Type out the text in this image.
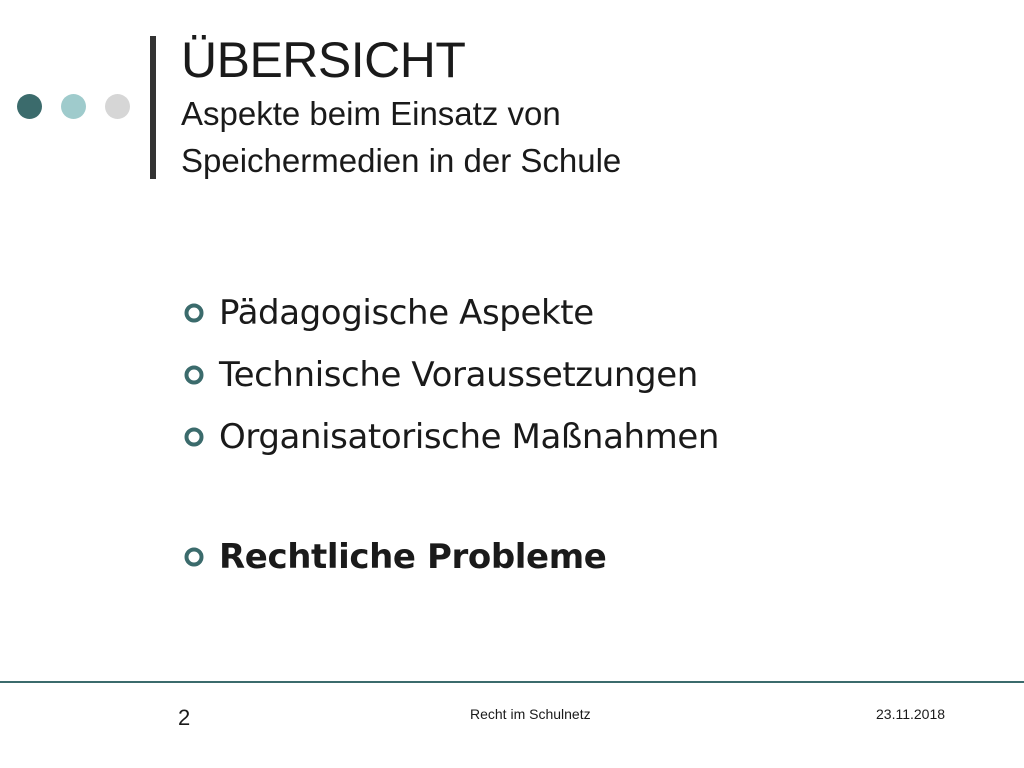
ÜBERSICHT

Aspekte beim Einsatz von

Speichermedien in der Schule

Pädagogische Aspekte
Technische Voraussetzungen
Organisatorische Maßnahmen
Rechtliche Probleme
2	Recht im Schulnetz	23.11.2018
